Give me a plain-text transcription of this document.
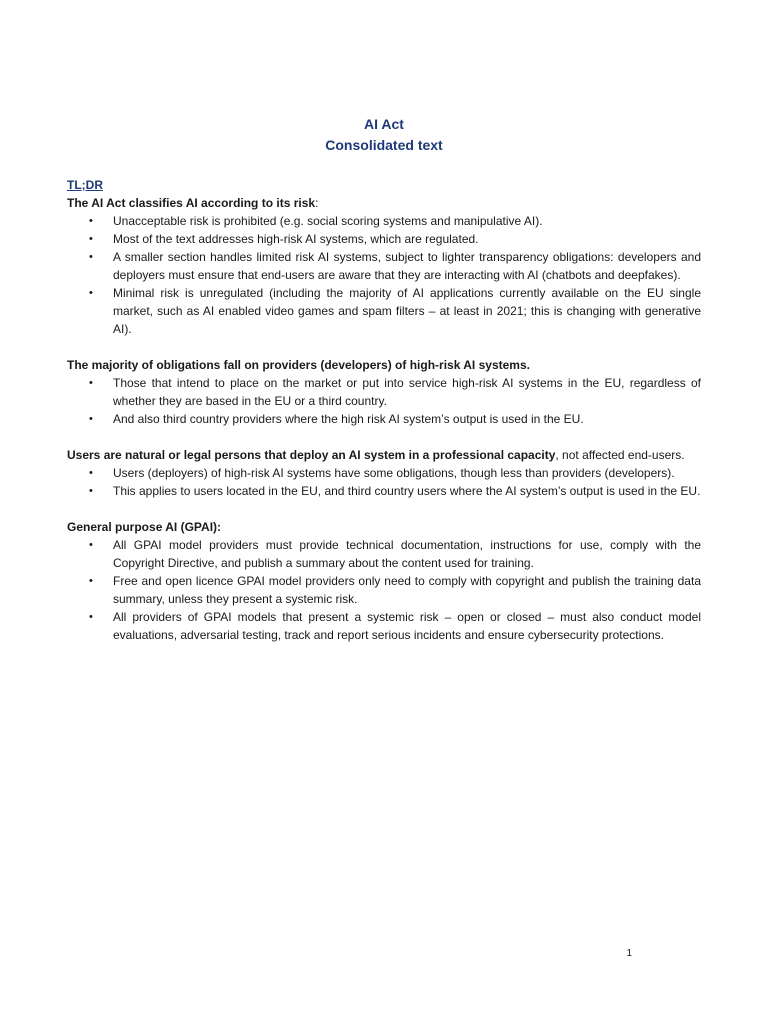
AI Act
Consolidated text
TL;DR

The AI Act classifies AI according to its risk:

• Unacceptable risk is prohibited (e.g. social scoring systems and manipulative AI).
• Most of the text addresses high-risk AI systems, which are regulated.
• A smaller section handles limited risk AI systems, subject to lighter transparency obligations: developers and deployers must ensure that end-users are aware that they are interacting with AI (chatbots and deepfakes).
• Minimal risk is unregulated (including the majority of AI applications currently available on the EU single market, such as AI enabled video games and spam filters – at least in 2021; this is changing with generative AI).

The majority of obligations fall on providers (developers) of high-risk AI systems.

• Those that intend to place on the market or put into service high-risk AI systems in the EU, regardless of whether they are based in the EU or a third country.
• And also third country providers where the high risk AI system’s output is used in the EU.

Users are natural or legal persons that deploy an AI system in a professional capacity, not affected end-users.

• Users (deployers) of high-risk AI systems have some obligations, though less than providers (developers).
• This applies to users located in the EU, and third country users where the AI system’s output is used in the EU.

General purpose AI (GPAI):

• All GPAI model providers must provide technical documentation, instructions for use, comply with the Copyright Directive, and publish a summary about the content used for training.
• Free and open licence GPAI model providers only need to comply with copyright and publish the training data summary, unless they present a systemic risk.
• All providers of GPAI models that present a systemic risk – open or closed – must also conduct model evaluations, adversarial testing, track and report serious incidents and ensure cybersecurity protections.
1
